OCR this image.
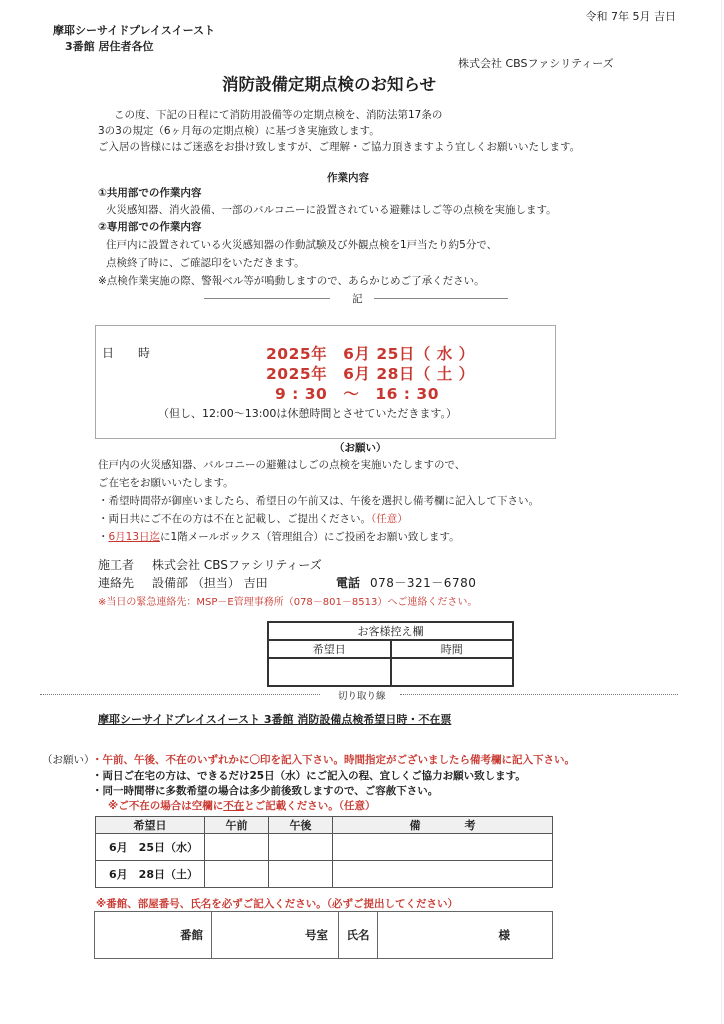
令和 7年 5月 吉日
摩耶シーサイドプレイスイースト
3番館 居住者各位
株式会社 CBSファシリティーズ
消防設備定期点検のお知らせ
この度、下記の日程にて消防用設備等の定期点検を、消防法第17条の
3の3の規定（6ヶ月毎の定期点検）に基づき実施致します。
ご入居の皆様にはご迷惑をお掛け致しますが、ご理解・ご協力頂きますよう宜しくお願いいたします。
作業内容
①共用部での作業内容
火災感知器、消火設備、一部のバルコニーに設置されている避難はしご等の点検を実施します。
②専用部での作業内容
住戸内に設置されている火災感知器の作動試験及び外観点検を1戸当たり約5分で、
点検終了時に、ご確認印をいただきます。
※点検作業実施の際、警報ベル等が鳴動しますので、あらかじめご了承ください。
記
日　　時	2025年　6月 25日（ 水 ）
2025年　6月 28日（ 土 ）
9 : 30　～　16 : 30
（但し、12:00～13:00は休憩時間とさせていただきます。）
（お願い）
住戸内の火災感知器、バルコニーの避難はしごの点検を実施いたしますので、
ご在宅をお願いいたします。
・希望時間帯が御座いましたら、希望日の午前又は、午後を選択し備考欄に記入して下さい。
・両日共にご不在の方は不在と記載し、ご提出ください。（任意）
・6月13日迄に1階メールボックス（管理組合）にご投函をお願い致します。
施工者 株式会社 CBSファシリティーズ
連絡先 設備部 （担当） 吉田	電話 078－321－6780
※当日の緊急連絡先：MSP－E管理事務所（078－801－8513）へご連絡ください。
お客様控え欄	
希望日	時間

切り取り線
摩耶シーサイドプレイスイースト 3番館 消防設備点検希望日時・不在票
（お願い）
・午前、午後、不在のいずれかに〇印を記入下さい。時間指定がございましたら備考欄に記入下さい。
・両日ご在宅の方は、できるだけ25日（水）にご記入の程、宜しくご協力お願い致します。
・同一時間帯に多数希望の場合は多少前後致しますので、ご容赦下さい。
※ご不在の場合は空欄に不在とご記載ください。（任意）
希望日	午前	午後	備　　　　考
6月　25日（水）			
6月　28日（土）			
※番館、部屋番号、氏名を必ずご記入ください。（必ずご提出してください）
番館	号室	氏名	様
